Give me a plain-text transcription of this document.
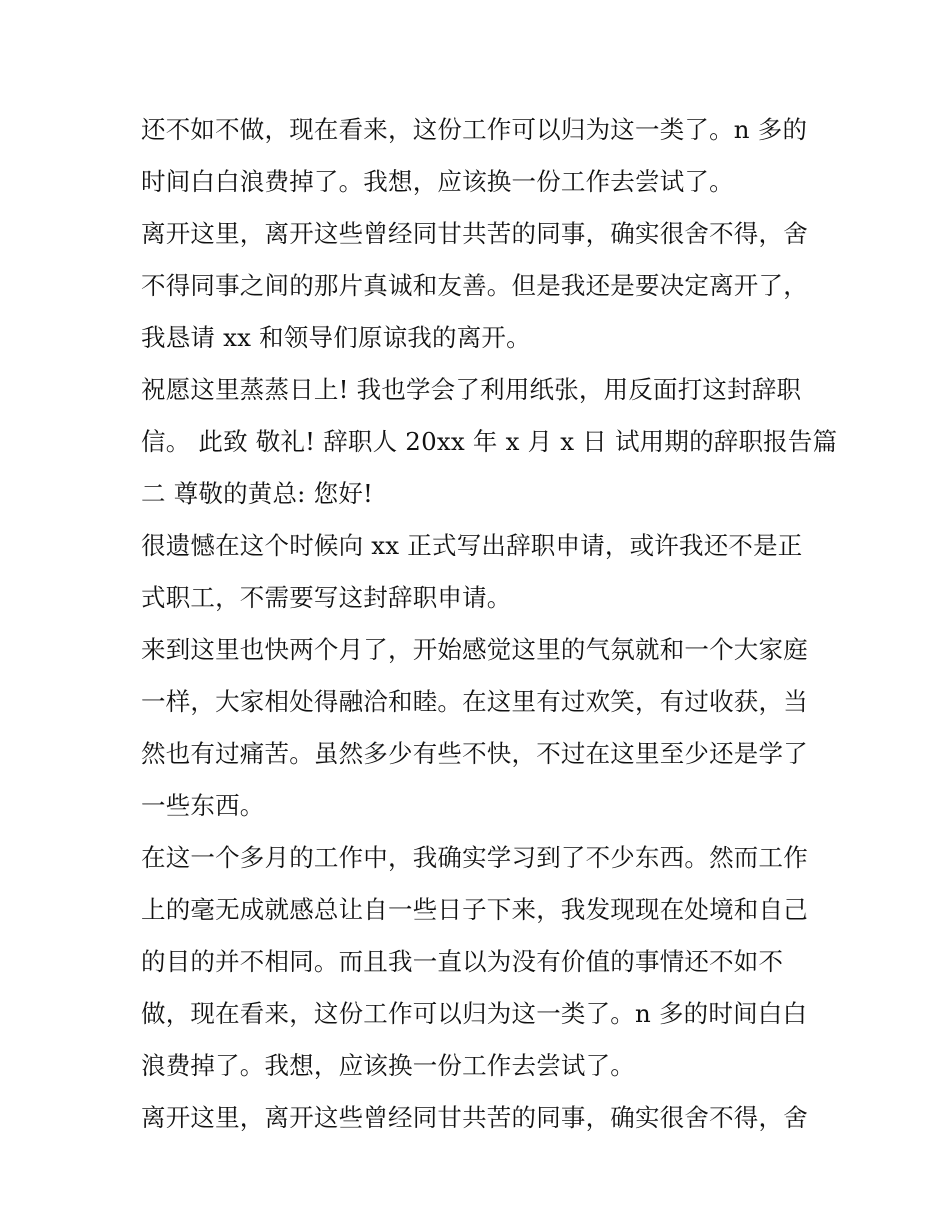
还不如不做，现在看来，这份工作可以归为这一类了。n 多的
时间白白浪费掉了。我想，应该换一份工作去尝试了。
离开这里，离开这些曾经同甘共苦的同事，确实很舍不得，舍
不得同事之间的那片真诚和友善。但是我还是要决定离开了，
我恳请 xx 和领导们原谅我的离开。
祝愿这里蒸蒸日上! 我也学会了利用纸张，用反面打这封辞职
信。 此致 敬礼! 辞职人 20xx 年 x 月 x 日 试用期的辞职报告篇
二 尊敬的黄总: 您好!
很遗憾在这个时候向 xx 正式写出辞职申请，或许我还不是正
式职工，不需要写这封辞职申请。
来到这里也快两个月了，开始感觉这里的气氛就和一个大家庭
一样，大家相处得融洽和睦。在这里有过欢笑，有过收获，当
然也有过痛苦。虽然多少有些不快，不过在这里至少还是学了
一些东西。
在这一个多月的工作中，我确实学习到了不少东西。然而工作
上的毫无成就感总让自一些日子下来，我发现现在处境和自己
的目的并不相同。而且我一直以为没有价值的事情还不如不
做，现在看来，这份工作可以归为这一类了。n 多的时间白白
浪费掉了。我想，应该换一份工作去尝试了。
离开这里，离开这些曾经同甘共苦的同事，确实很舍不得，舍
